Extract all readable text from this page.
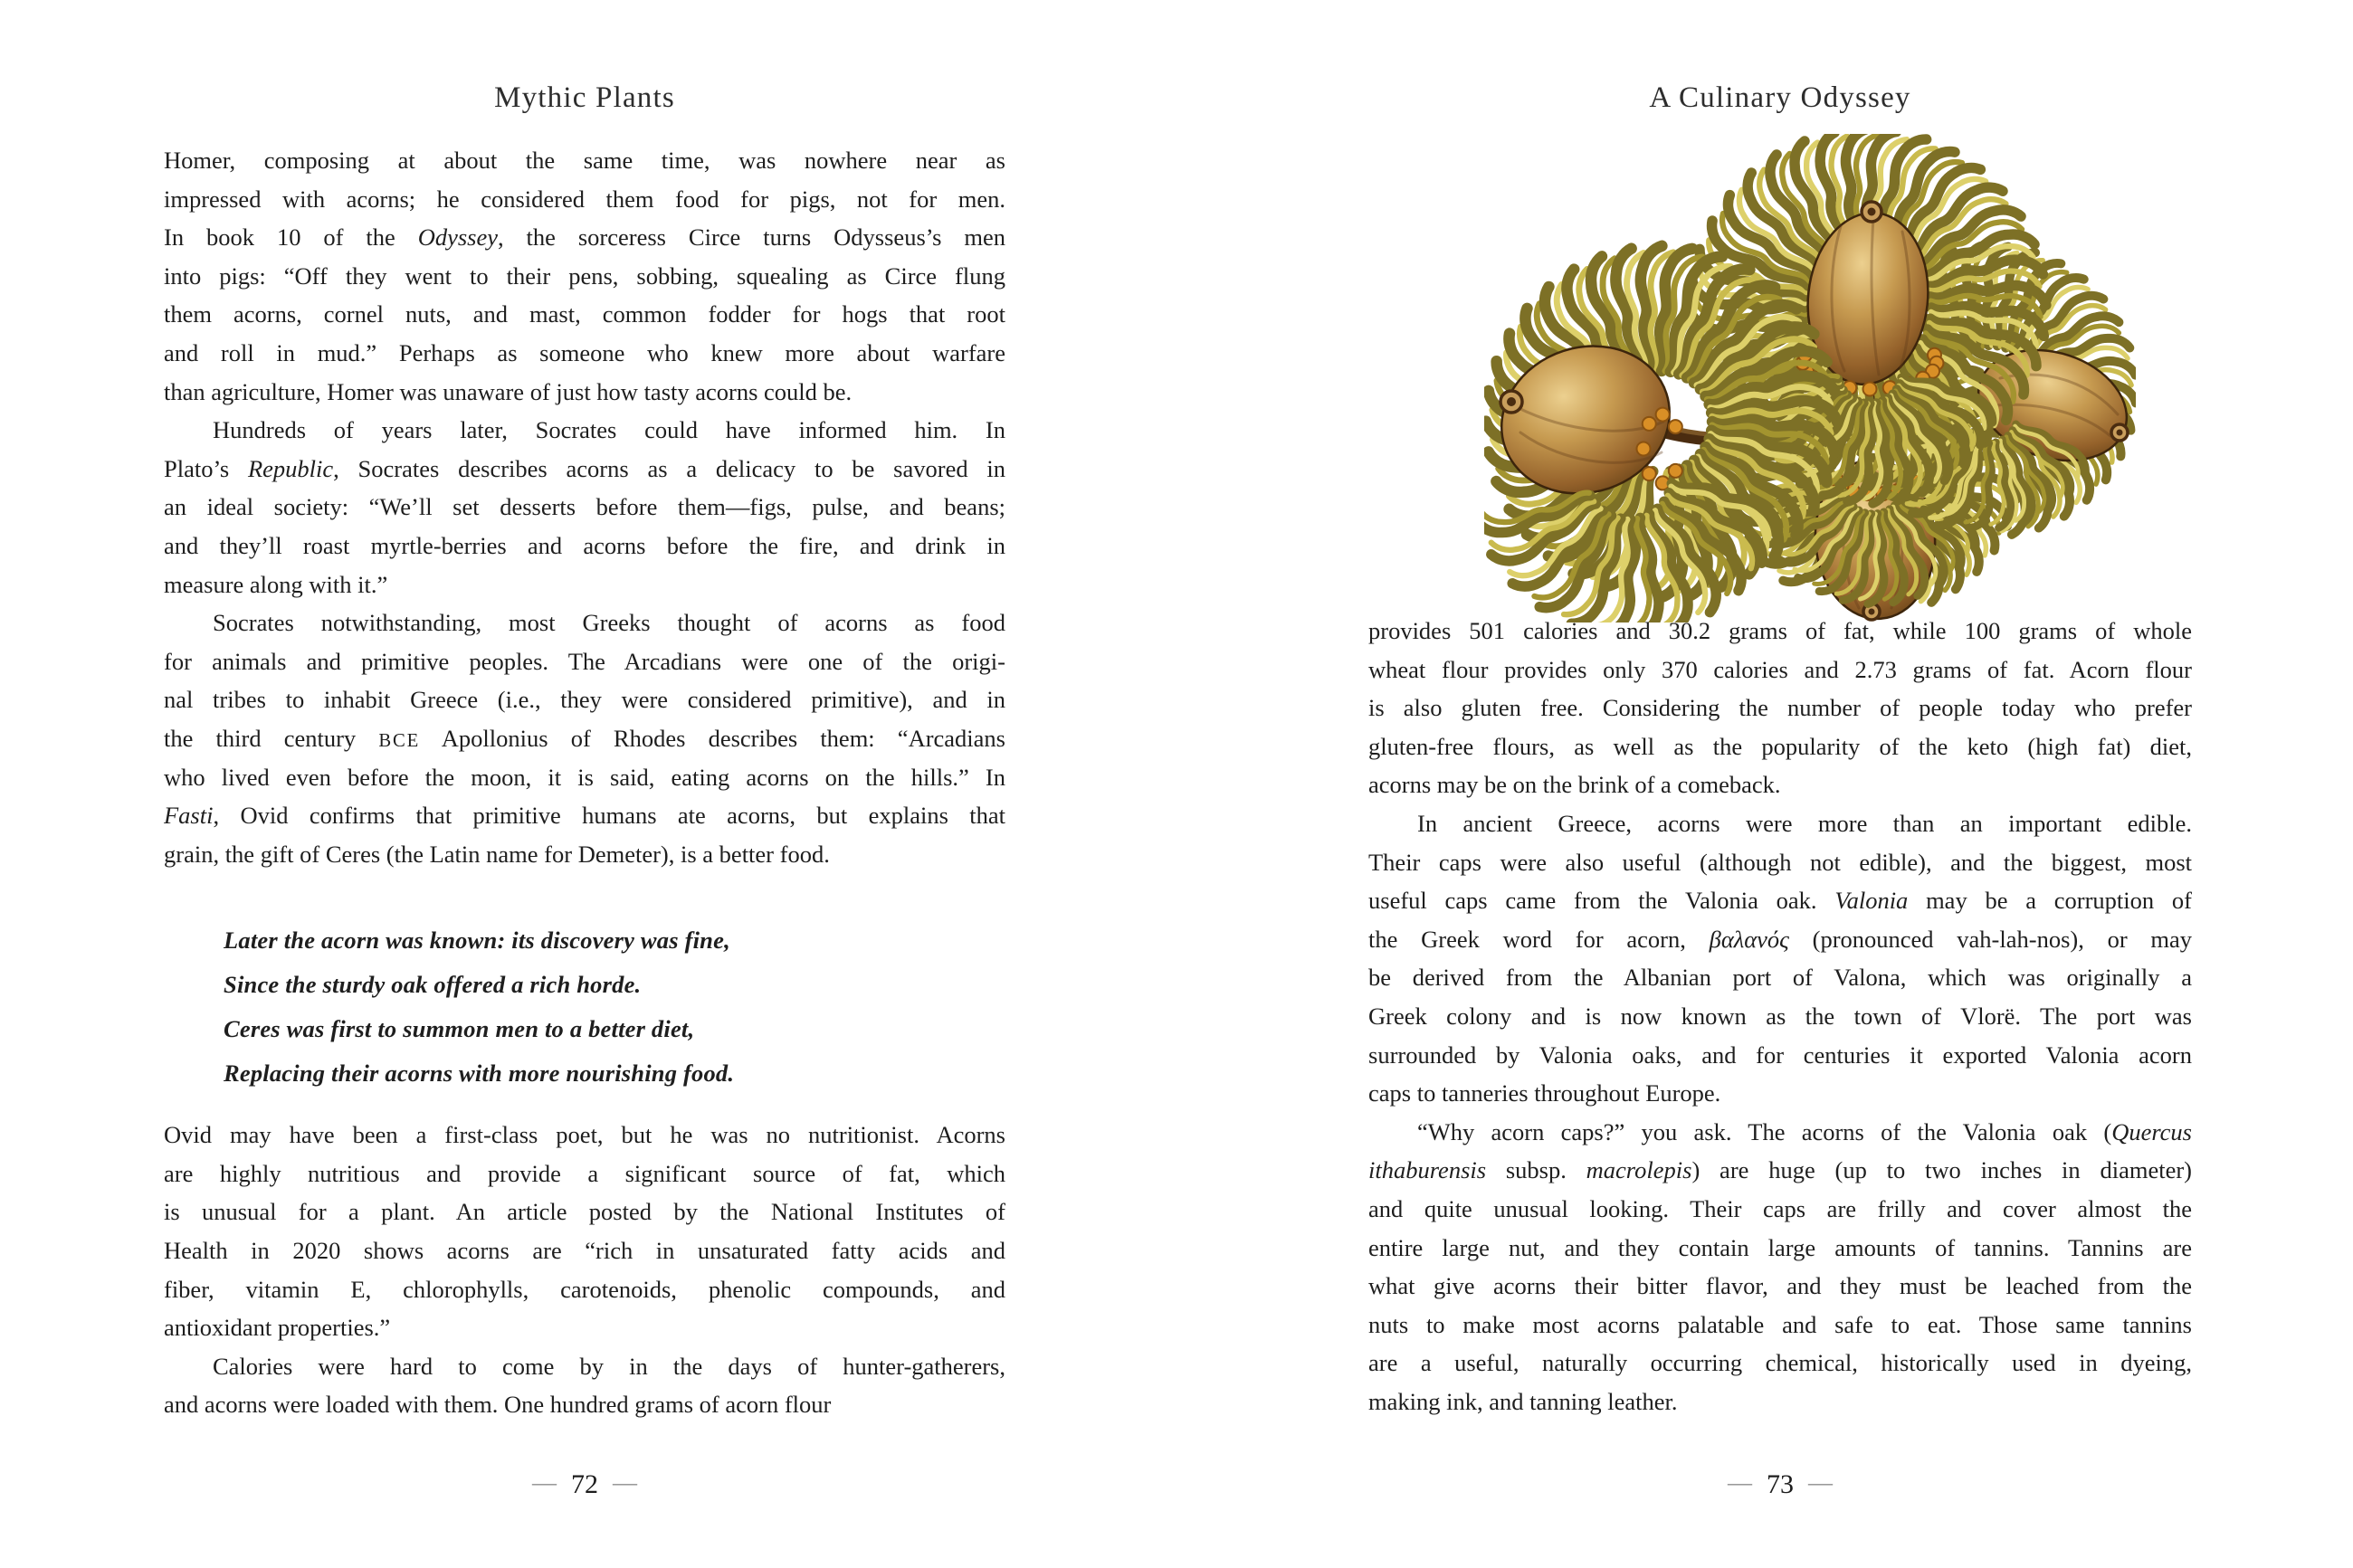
Mythic Plants
Homer, composing at about the same time, was nowhere near as
impressed with acorns; he considered them food for pigs, not for men.
In book 10 of the Odyssey, the sorceress Circe turns Odysseus’s men
into pigs: “Off they went to their pens, sobbing, squealing as Circe flung
them acorns, cornel nuts, and mast, common fodder for hogs that root
and roll in mud.” Perhaps as someone who knew more about warfare
than agriculture, Homer was unaware of just how tasty acorns could be.
Hundreds of years later, Socrates could have informed him. In
Plato’s Republic, Socrates describes acorns as a delicacy to be savored in
an ideal society: “We’ll set desserts before them—figs, pulse, and beans;
and they’ll roast myrtle-berries and acorns before the fire, and drink in
measure along with it.”
Socrates notwithstanding, most Greeks thought of acorns as food
for animals and primitive peoples. The Arcadians were one of the origi-
nal tribes to inhabit Greece (i.e., they were considered primitive), and in
the third century BCE Apollonius of Rhodes describes them: “Arcadians
who lived even before the moon, it is said, eating acorns on the hills.” In
Fasti, Ovid confirms that primitive humans ate acorns, but explains that
grain, the gift of Ceres (the Latin name for Demeter), is a better food.
Later the acorn was known: its discovery was fine,
Since the sturdy oak offered a rich horde.
Ceres was first to summon men to a better diet,
Replacing their acorns with more nourishing food.
Ovid may have been a first-class poet, but he was no nutritionist. Acorns
are highly nutritious and provide a significant source of fat, which
is unusual for a plant. An article posted by the National Institutes of
Health in 2020 shows acorns are “rich in unsaturated fatty acids and
fiber, vitamin E, chlorophylls, carotenoids, phenolic compounds, and
antioxidant properties.”
Calories were hard to come by in the days of hunter-gatherers,
and acorns were loaded with them. One hundred grams of acorn flour
— 72 —
A Culinary Odyssey
provides 501 calories and 30.2 grams of fat, while 100 grams of whole
wheat flour provides only 370 calories and 2.73 grams of fat. Acorn flour
is also gluten free. Considering the number of people today who prefer
gluten-free flours, as well as the popularity of the keto (high fat) diet,
acorns may be on the brink of a comeback.
In ancient Greece, acorns were more than an important edible.
Their caps were also useful (although not edible), and the biggest, most
useful caps came from the Valonia oak. Valonia may be a corruption of
the Greek word for acorn, βαλανός (pronounced vah-lah-nos), or may
be derived from the Albanian port of Valona, which was originally a
Greek colony and is now known as the town of Vlorë. The port was
surrounded by Valonia oaks, and for centuries it exported Valonia acorn
caps to tanneries throughout Europe.
“Why acorn caps?” you ask. The acorns of the Valonia oak (Quercus
ithaburensis subsp. macrolepis) are huge (up to two inches in diameter)
and quite unusual looking. Their caps are frilly and cover almost the
entire large nut, and they contain large amounts of tannins. Tannins are
what give acorns their bitter flavor, and they must be leached from the
nuts to make most acorns palatable and safe to eat. Those same tannins
are a useful, naturally occurring chemical, historically used in dyeing,
making ink, and tanning leather.
— 73 —
